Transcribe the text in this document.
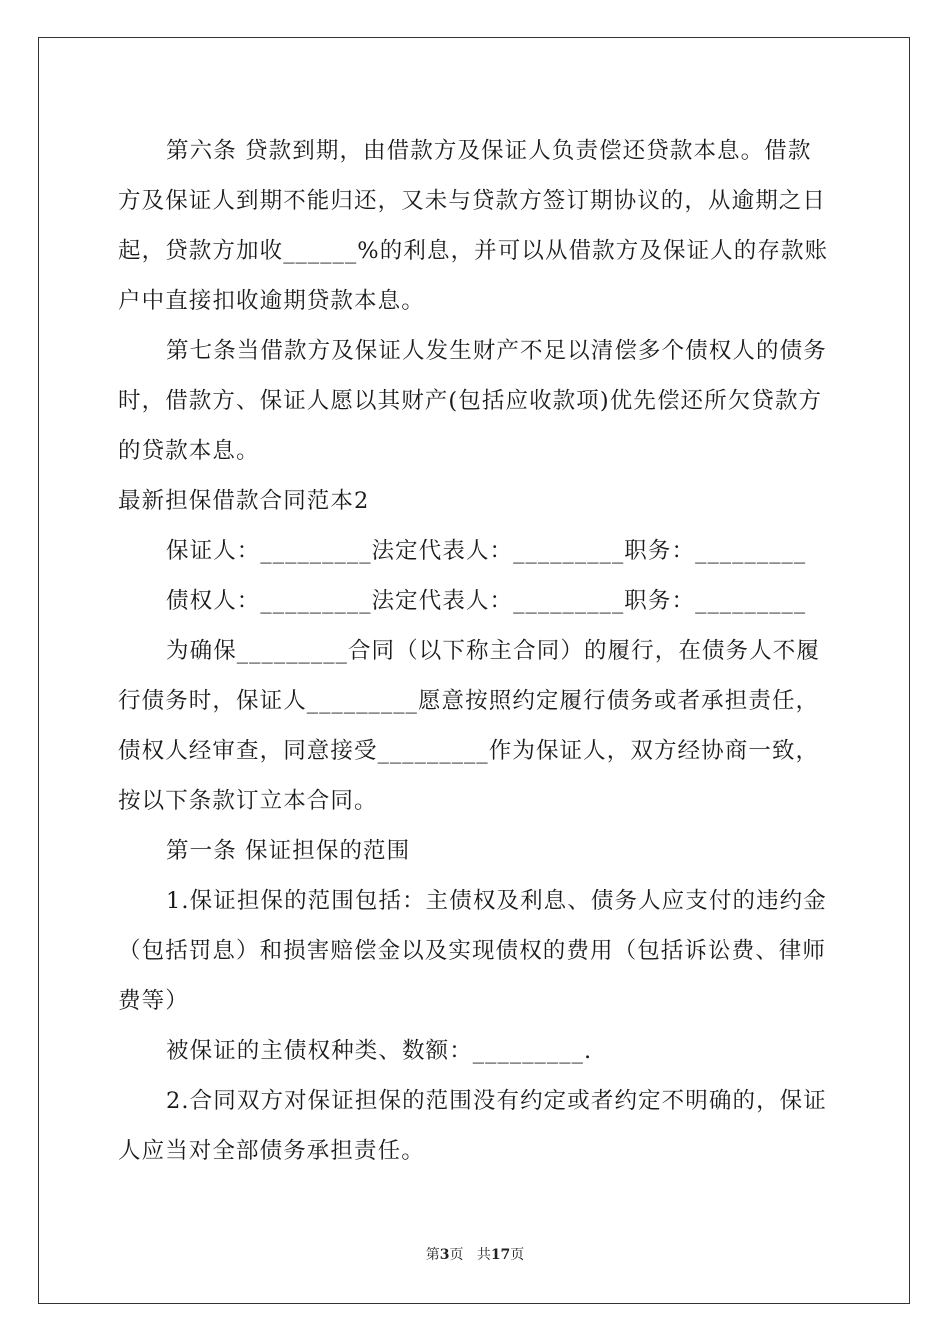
第六条 贷款到期，由借款方及保证人负责偿还贷款本息。借款
方及保证人到期不能归还，又未与贷款方签订期协议的，从逾期之日
起，贷款方加收______%的利息，并可以从借款方及保证人的存款账
户中直接扣收逾期贷款本息。
第七条当借款方及保证人发生财产不足以清偿多个债权人的债务
时，借款方、保证人愿以其财产(包括应收款项)优先偿还所欠贷款方
的贷款本息。
最新担保借款合同范本2
保证人：_________法定代表人：_________职务：_________
债权人：_________法定代表人：_________职务：_________
为确保_________合同（以下称主合同）的履行，在债务人不履
行债务时，保证人_________愿意按照约定履行债务或者承担责任，
债权人经审查，同意接受_________作为保证人，双方经协商一致，
按以下条款订立本合同。
第一条 保证担保的范围
1.保证担保的范围包括：主债权及利息、债务人应支付的违约金
（包括罚息）和损害赔偿金以及实现债权的费用（包括诉讼费、律师
费等）
被保证的主债权种类、数额：_________.
2.合同双方对保证担保的范围没有约定或者约定不明确的，保证
人应当对全部债务承担责任。
第3页 共17页
